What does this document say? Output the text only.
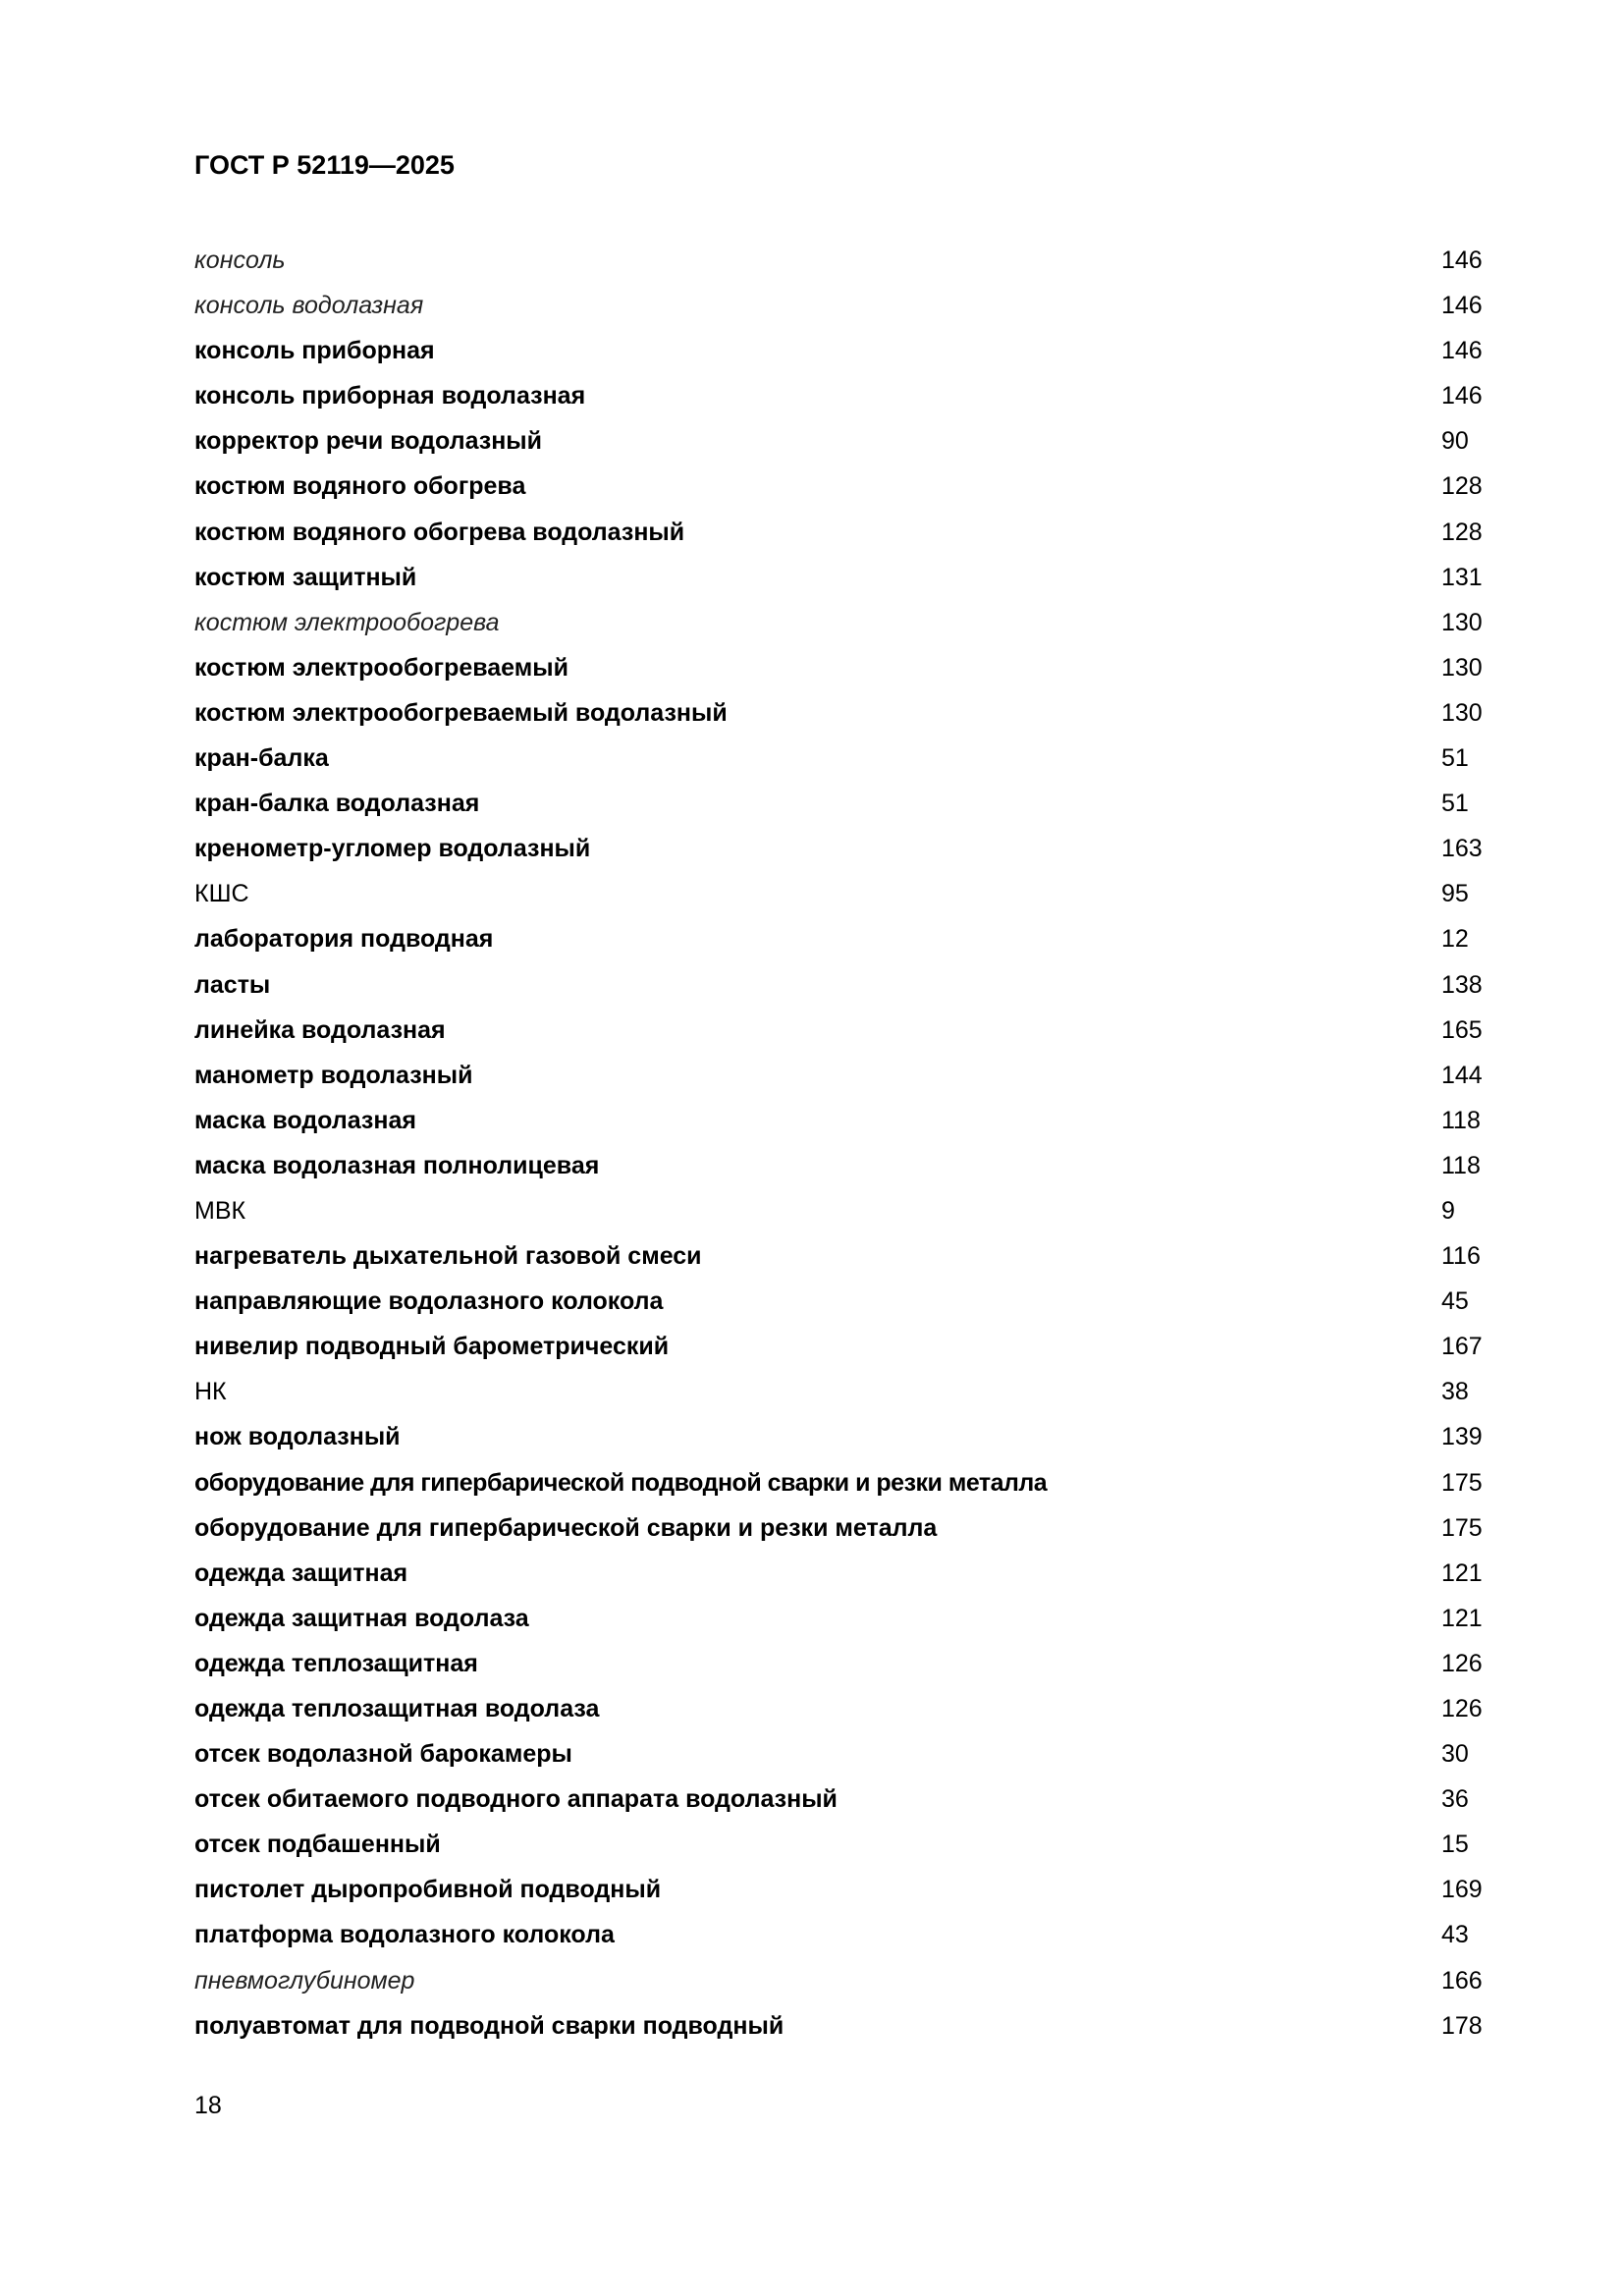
ГОСТ Р 52119—2025
консоль	146
консоль водолазная	146
консоль приборная	146
консоль приборная водолазная	146
корректор речи водолазный	90
костюм водяного обогрева	128
костюм водяного обогрева водолазный	128
костюм защитный	131
костюм электрообогрева	130
костюм электрообогреваемый	130
костюм электрообогреваемый водолазный	130
кран-балка	51
кран-балка водолазная	51
кренометр-угломер водолазный	163
КШС	95
лаборатория подводная	12
ласты	138
линейка водолазная	165
манометр водолазный	144
маска водолазная	118
маска водолазная полнолицевая	118
МВК	9
нагреватель дыхательной газовой смеси	116
направляющие водолазного колокола	45
нивелир подводный барометрический	167
НК	38
нож водолазный	139
оборудование для гипербарической подводной сварки и резки металла	175
оборудование для гипербарической сварки и резки металла	175
одежда защитная	121
одежда защитная водолаза	121
одежда теплозащитная	126
одежда теплозащитная водолаза	126
отсек водолазной барокамеры	30
отсек обитаемого подводного аппарата водолазный	36
отсек подбашенный	15
пистолет дыропробивной подводный	169
платформа водолазного колокола	43
пневмоглубиномер	166
полуавтомат для подводной сварки подводный	178
18
